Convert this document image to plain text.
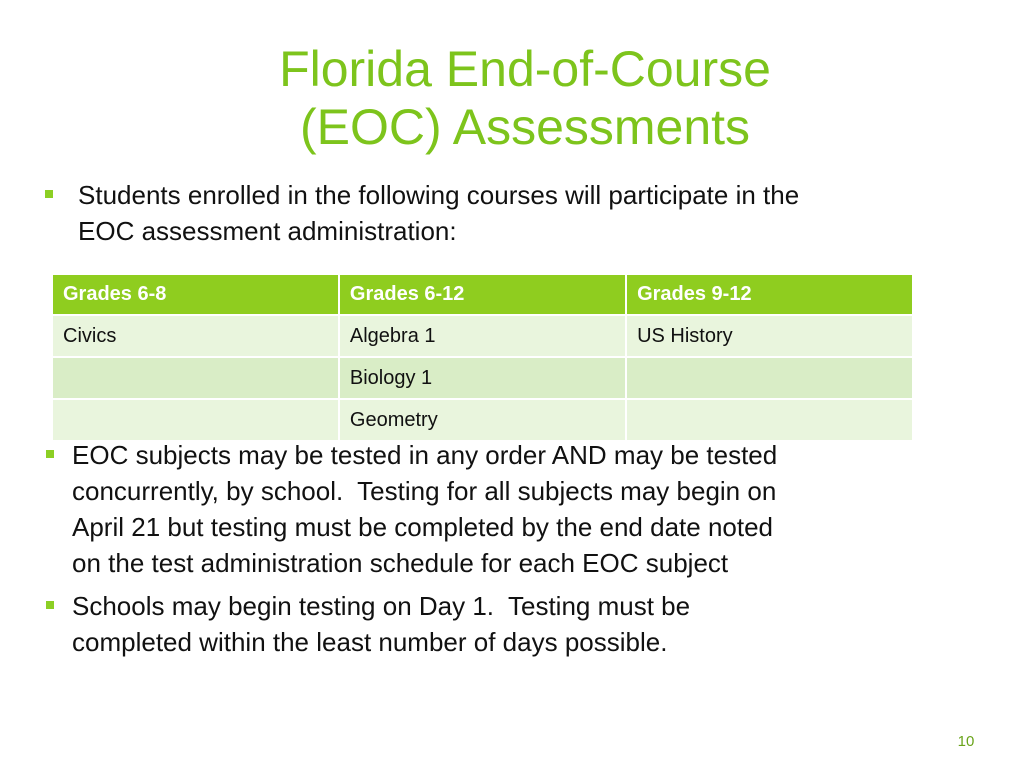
Florida End-of-Course
(EOC) Assessments
Students enrolled in the following courses will participate in the
EOC assessment administration:
Grades 6-8	Grades 6-12	Grades 9-12
Civics	Algebra 1	US History
	Biology 1	
	Geometry	
EOC subjects may be tested in any order AND may be tested
concurrently, by school.  Testing for all subjects may begin on
April 21 but testing must be completed by the end date noted
on the test administration schedule for each EOC subject
Schools may begin testing on Day 1.  Testing must be
completed within the least number of days possible.
10
